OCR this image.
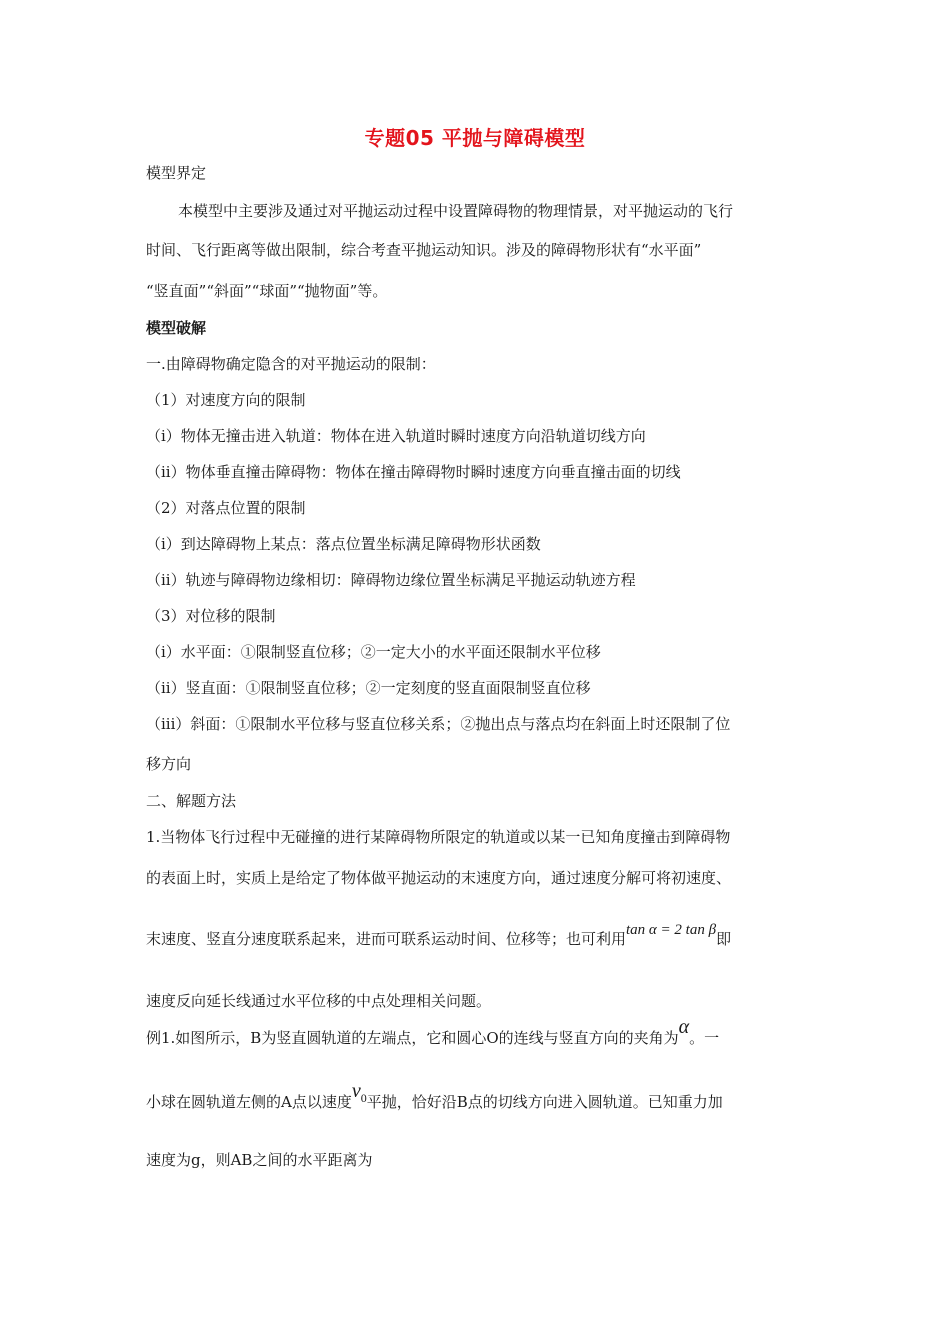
专题05 平抛与障碍模型
模型界定
本模型中主要涉及通过对平抛运动过程中设置障碍物的物理情景，对平抛运动的飞行
时间、飞行距离等做出限制，综合考查平抛运动知识。涉及的障碍物形状有“水平面”
“竖直面”“斜面”“球面”“抛物面”等。
模型破解
一.由障碍物确定隐含的对平抛运动的限制：
（1）对速度方向的限制
（i）物体无撞击进入轨道：物体在进入轨道时瞬时速度方向沿轨道切线方向
（ii）物体垂直撞击障碍物：物体在撞击障碍物时瞬时速度方向垂直撞击面的切线
（2）对落点位置的限制
（i）到达障碍物上某点：落点位置坐标满足障碍物形状函数
（ii）轨迹与障碍物边缘相切：障碍物边缘位置坐标满足平抛运动轨迹方程
（3）对位移的限制
（i）水平面：①限制竖直位移；②一定大小的水平面还限制水平位移
（ii）竖直面：①限制竖直位移；②一定刻度的竖直面限制竖直位移
（iii）斜面：①限制水平位移与竖直位移关系；②抛出点与落点均在斜面上时还限制了位
移方向
二、解题方法
1.当物体飞行过程中无碰撞的进行某障碍物所限定的轨道或以某一已知角度撞击到障碍物
的表面上时，实质上是给定了物体做平抛运动的末速度方向，通过速度分解可将初速度、
末速度、竖直分速度联系起来，进而可联系运动时间、位移等；也可利用tan α = 2 tan β即
速度反向延长线通过水平位移的中点处理相关问题。
例1.如图所示，B为竖直圆轨道的左端点，它和圆心O的连线与竖直方向的夹角为α。一
小球在圆轨道左侧的A点以速度$v_0$平抛，恰好沿B点的切线方向进入圆轨道。已知重力加
速度为g，则AB之间的水平距离为
